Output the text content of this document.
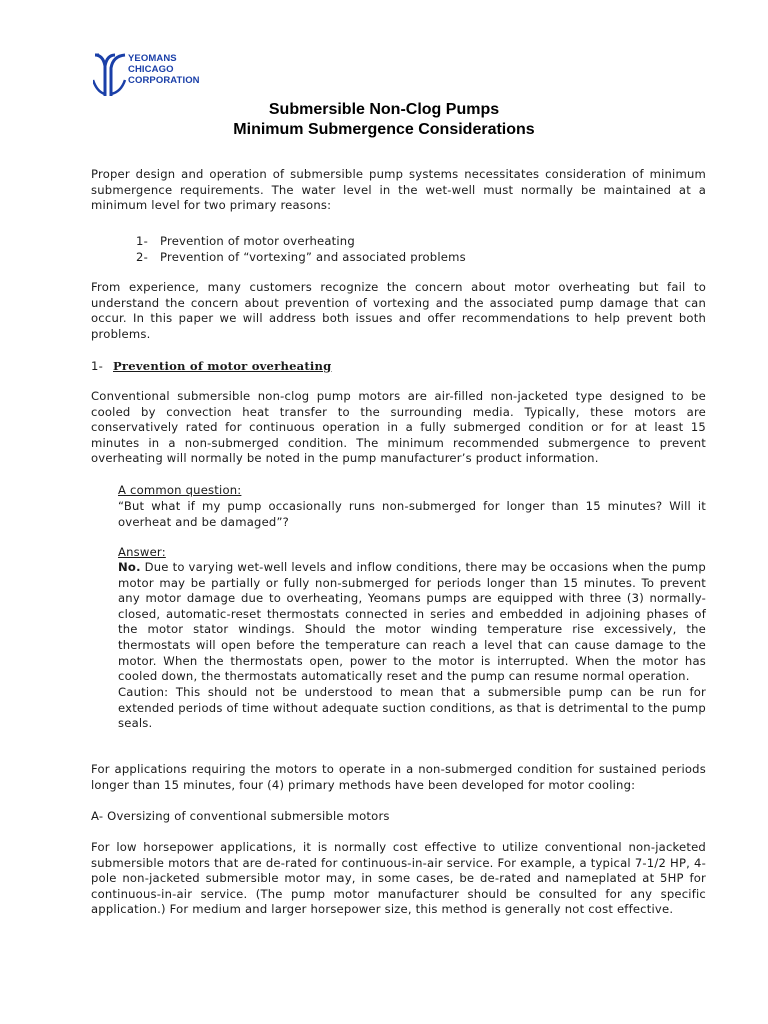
YEOMANS
CHICAGO
CORPORATION
Submersible Non-Clog Pumps
Minimum Submergence Considerations
Proper design and operation of submersible pump systems necessitates consideration of minimum submergence requirements. The water level in the wet-well must normally be maintained at a minimum level for two primary reasons:
1- Prevention of motor overheating
2- Prevention of “vortexing” and associated problems
From experience, many customers recognize the concern about motor overheating but fail to understand the concern about prevention of vortexing and the associated pump damage that can occur. In this paper we will address both issues and offer recommendations to help prevent both problems.
1- Prevention of motor overheating
Conventional submersible non-clog pump motors are air-filled non-jacketed type designed to be cooled by convection heat transfer to the surrounding media. Typically, these motors are conservatively rated for continuous operation in a fully submerged condition or for at least 15 minutes in a non-submerged condition. The minimum recommended submergence to prevent overheating will normally be noted in the pump manufacturer’s product information.
A common question:
“But what if my pump occasionally runs non-submerged for longer than 15 minutes? Will it overheat and be damaged”?
Answer:
No. Due to varying wet-well levels and inflow conditions, there may be occasions when the pump motor may be partially or fully non-submerged for periods longer than 15 minutes. To prevent any motor damage due to overheating, Yeomans pumps are equipped with three (3) normally-closed, automatic-reset thermostats connected in series and embedded in adjoining phases of the motor stator windings. Should the motor winding temperature rise excessively, the thermostats will open before the temperature can reach a level that can cause damage to the motor. When the thermostats open, power to the motor is interrupted. When the motor has cooled down, the thermostats automatically reset and the pump can resume normal operation.
Caution: This should not be understood to mean that a submersible pump can be run for extended periods of time without adequate suction conditions, as that is detrimental to the pump seals.
For applications requiring the motors to operate in a non-submerged condition for sustained periods longer than 15 minutes, four (4) primary methods have been developed for motor cooling:
A- Oversizing of conventional submersible motors
For low horsepower applications, it is normally cost effective to utilize conventional non-jacketed submersible motors that are de-rated for continuous-in-air service. For example, a typical 7-1/2 HP, 4-pole non-jacketed submersible motor may, in some cases, be de-rated and nameplated at 5HP for continuous-in-air service. (The pump motor manufacturer should be consulted for any specific application.) For medium and larger horsepower size, this method is generally not cost effective.
